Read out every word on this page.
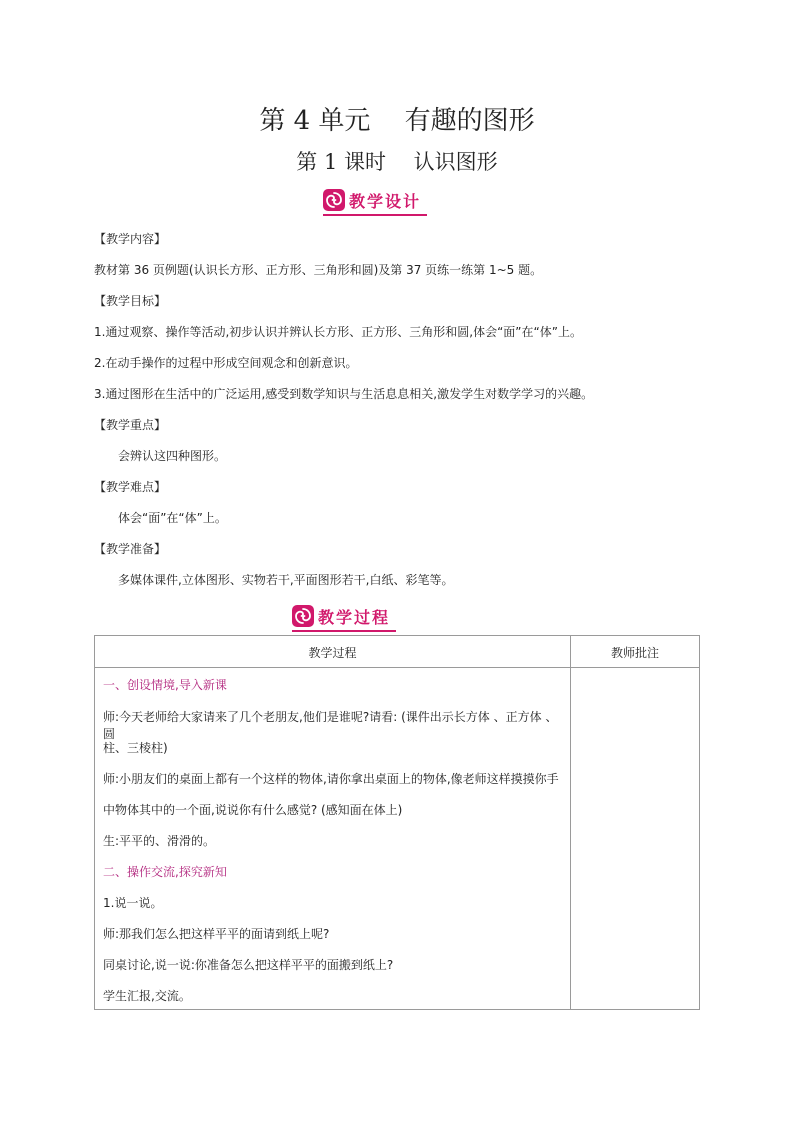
第 4 单元　 有趣的图形
第 1 课时　 认识图形
教学设计
【教学内容】
教材第 36 页例题(认识长方形、正方形、三角形和圆)及第 37 页练一练第 1~5 题。
【教学目标】
1.通过观察、操作等活动,初步认识并辨认长方形、正方形、三角形和圆,体会“面”在“体”上。
2.在动手操作的过程中形成空间观念和创新意识。
3.通过图形在生活中的广泛运用,感受到数学知识与生活息息相关,激发学生对数学学习的兴趣。
【教学重点】
会辨认这四种图形。
【教学难点】
体会“面”在“体”上。
【教学准备】
多媒体课件,立体图形、实物若干,平面图形若干,白纸、彩笔等。
教学过程
教学过程	教师批注
一、创设情境,导入新课
师:今天老师给大家请来了几个老朋友,他们是谁呢?请看: (课件出示长方体 、正方体 、圆
柱、三棱柱)
师:小朋友们的桌面上都有一个这样的物体,请你拿出桌面上的物体,像老师这样摸摸你手
中物体其中的一个面,说说你有什么感觉? (感知面在体上)
生:平平的、滑滑的。
二、操作交流,探究新知
1.说一说。
师:那我们怎么把这样平平的面请到纸上呢?
同桌讨论,说一说:你准备怎么把这样平平的面搬到纸上?
学生汇报,交流。
